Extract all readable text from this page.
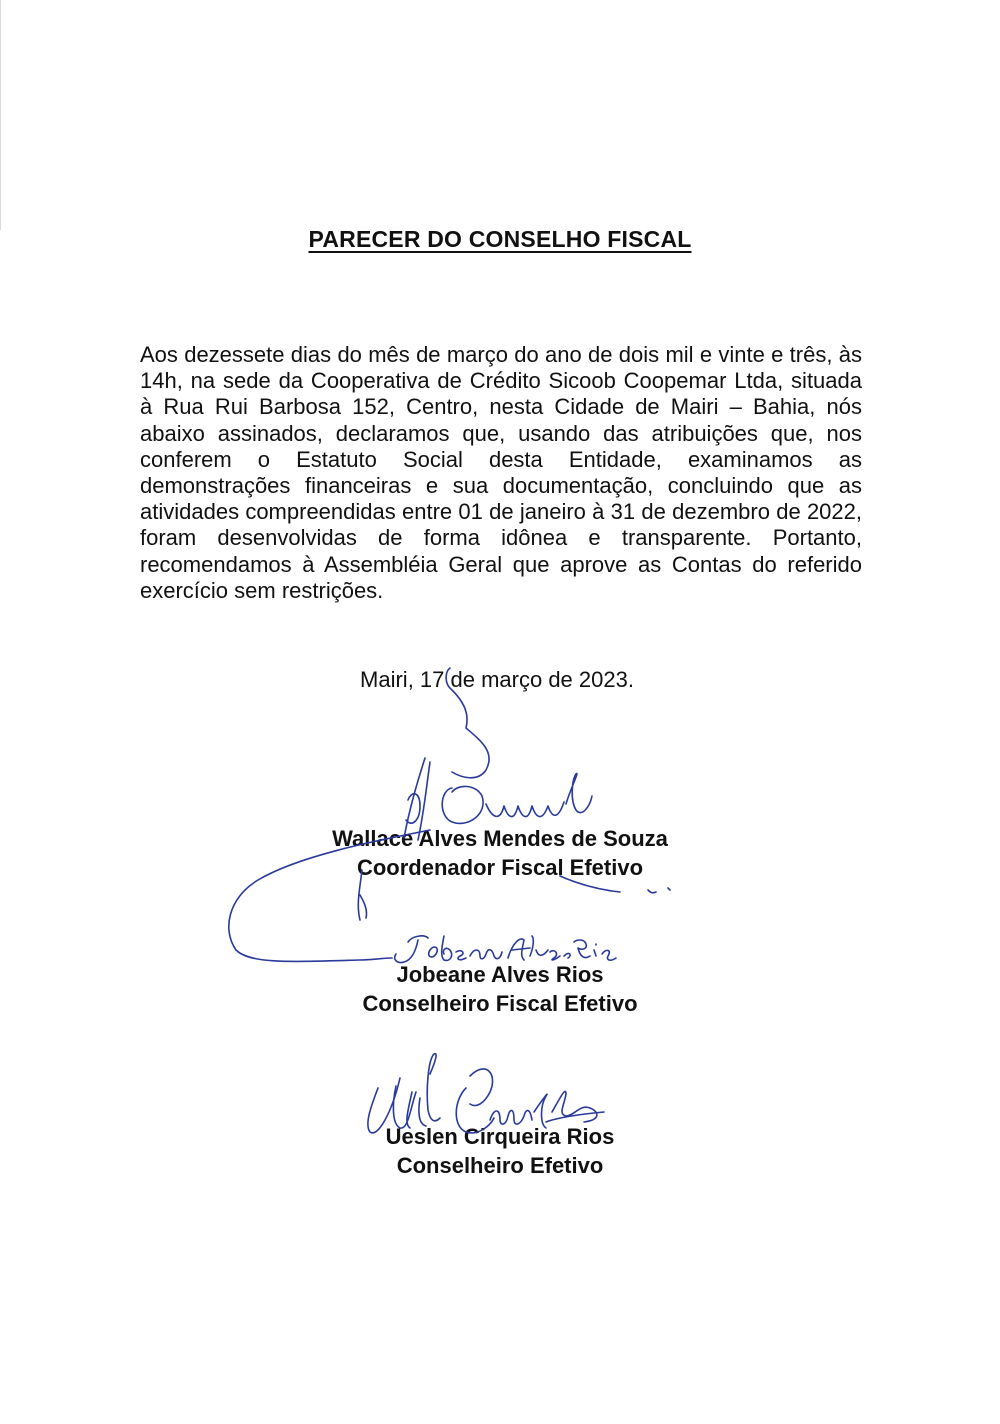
PARECER DO CONSELHO FISCAL
Aos dezessete dias do mês de março do ano de dois mil e vinte e três, às 14h, na sede da Cooperativa de Crédito Sicoob Coopemar Ltda, situada à Rua Rui Barbosa 152, Centro, nesta Cidade de Mairi – Bahia, nós abaixo assinados, declaramos que, usando das atribuições que, nos conferem o Estatuto Social desta Entidade, examinamos as demonstrações financeiras e sua documentação, concluindo que as atividades compreendidas entre 01 de janeiro à 31 de dezembro de 2022, foram desenvolvidas de forma idônea e transparente. Portanto, recomendamos à Assembléia Geral que aprove as Contas do referido exercício sem restrições.
Mairi, 17 de março de 2023.
Wallace Alves Mendes de Souza
Coordenador Fiscal Efetivo
Jobeane Alves Rios
Conselheiro Fiscal Efetivo
Ueslen Cirqueira Rios
Conselheiro Efetivo
